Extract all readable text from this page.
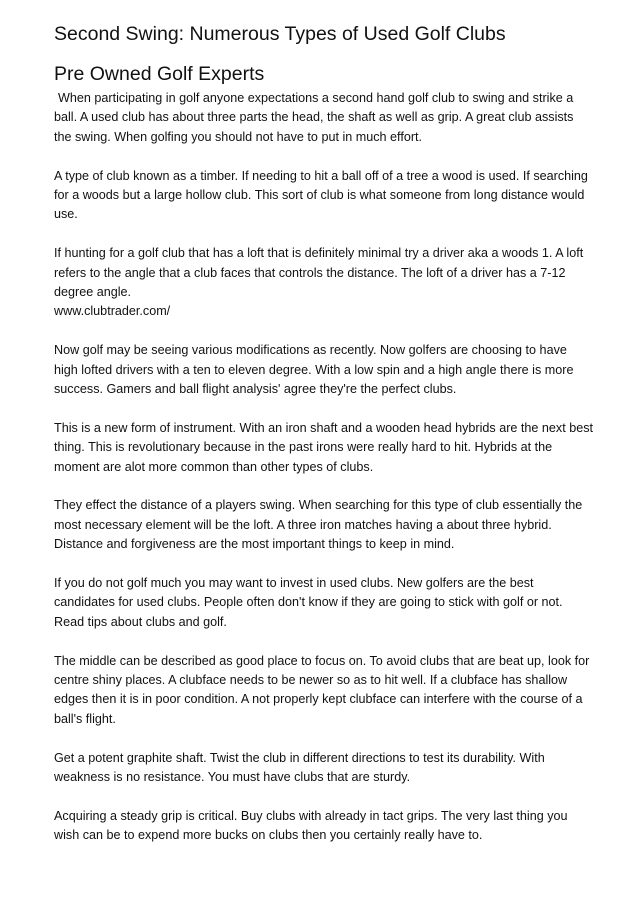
Second Swing: Numerous Types of Used Golf Clubs
Pre Owned Golf Experts

When participating in golf anyone expectations a second hand golf club to swing and strike a ball. A used club has about three parts the head, the shaft as well as grip. A great club assists the swing. When golfing you should not have to put in much effort.

A type of club known as a timber. If needing to hit a ball off of a tree a wood is used. If searching for a woods but a large hollow club. This sort of club is what someone from long distance would use.

If hunting for a golf club that has a loft that is definitely minimal try a driver aka a woods 1. A loft refers to the angle that a club faces that controls the distance. The loft of a driver has a 7-12 degree angle.
www.clubtrader.com/

Now golf may be seeing various modifications as recently. Now golfers are choosing to have high lofted drivers with a ten to eleven degree. With a low spin and a high angle there is more success. Gamers and ball flight analysis' agree they're the perfect clubs.

This is a new form of instrument. With an iron shaft and a wooden head hybrids are the next best thing. This is revolutionary because in the past irons were really hard to hit. Hybrids at the moment are alot more common than other types of clubs.

They effect the distance of a players swing. When searching for this type of club essentially the most necessary element will be the loft. A three iron matches having a about three hybrid. Distance and forgiveness are the most important things to keep in mind.

If you do not golf much you may want to invest in used clubs. New golfers are the best candidates for used clubs. People often don't know if they are going to stick with golf or not.
Read tips about clubs and golf.

The middle can be described as good place to focus on. To avoid clubs that are beat up, look for centre shiny places. A clubface needs to be newer so as to hit well. If a clubface has shallow edges then it is in poor condition. A not properly kept clubface can interfere with the course of a ball's flight.

Get a potent graphite shaft. Twist the club in different directions to test its durability. With weakness is no resistance. You must have clubs that are sturdy.

Acquiring a steady grip is critical. Buy clubs with already in tact grips. The very last thing you wish can be to expend more bucks on clubs then you certainly really have to.
